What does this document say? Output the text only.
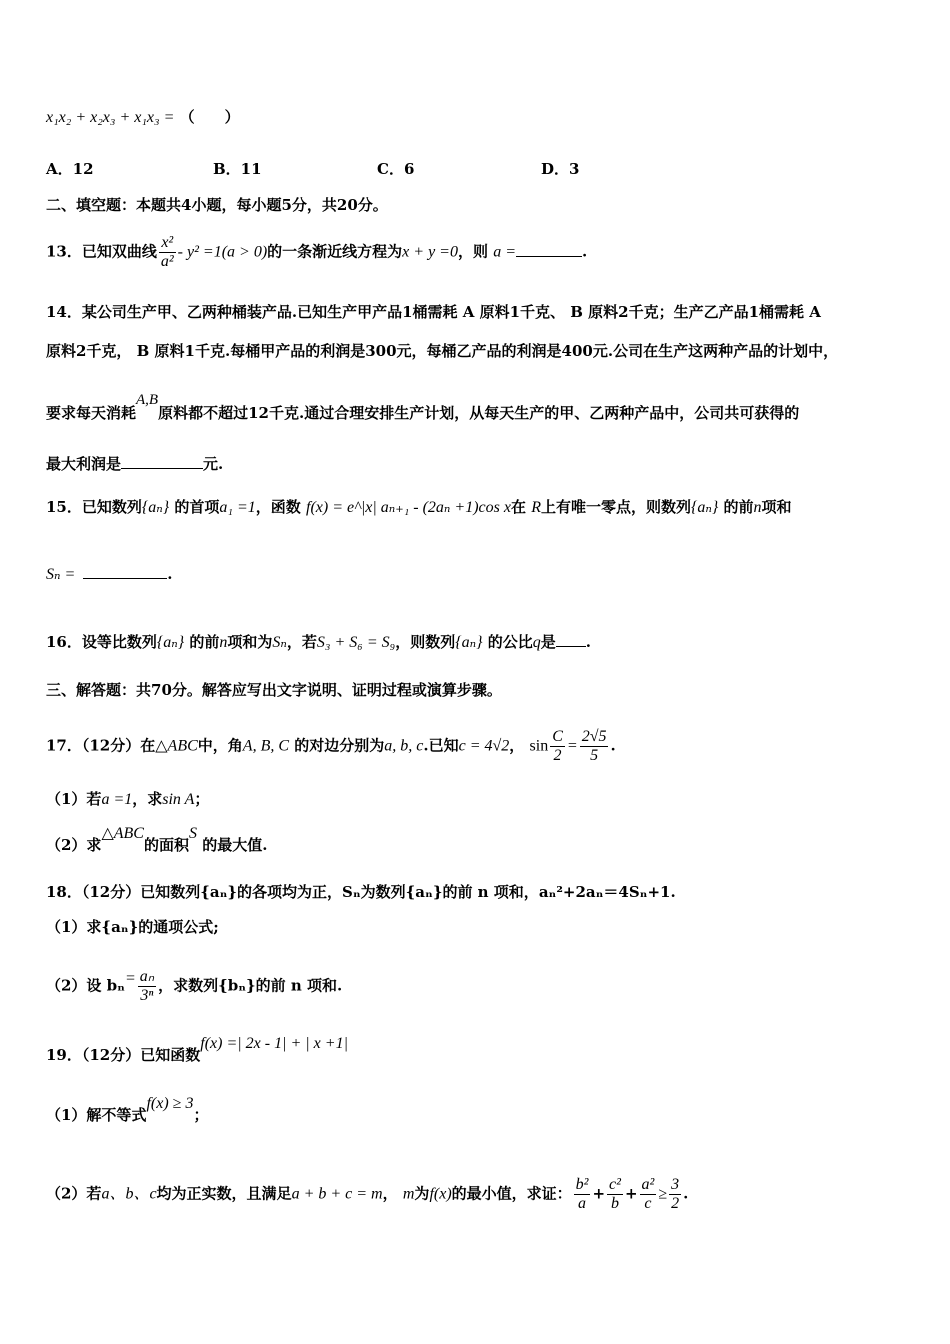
x₁x₂ + x₂x₃ + x₁x₃ = （　　）
A．12	B．11	C．6	D．3
二、填空题：本题共4小题，每小题5分，共20分。
13．已知双曲线 $\frac{\text{x²}}{\text{a²}} - y^2 =1(a > 0)$的一条渐近线方程为x + y =0，则 a =	.
14．某公司生产甲、乙两种桶装产品.已知生产甲产品1桶需耗 A 原料1千克、 B 原料2千克；生产乙产品1桶需耗 A
原料2千克， B 原料1千克.每桶甲产品的利润是300元，每桶乙产品的利润是400元.公司在生产这两种产品的计划中，
要求每天消耗A,B原料都不超过12千克.通过合理安排生产计划，从每天生产的甲、乙两种产品中，公司共可获得的
最大利润是	元.
15．已知数列{aₙ} 的首项a₁ =1，函数 f(x) = e^|x| aₙ₊₁ - (2aₙ +1)cos x在 R上有唯一零点，则数列{aₙ} 的前n项和
Sₙ =	.
16．设等比数列{aₙ} 的前n项和为Sₙ，若S₃ + S₆ = S₉，则数列{aₙ} 的公比q是 .
三、解答题：共70分。解答应写出文字说明、证明过程或演算步骤。
17．（12分）在△ABC中，角A, B, C 的对边分别为a, b, c.已知c = 4√2， $\sin \frac{C}{2} = \frac{2√5}{5}$ .
（1）若a =1，求sin A；
（2）求△ABC的面积S 的最大值.
18．（12分）已知数列{aₙ}的各项均为正，Sₙ为数列{aₙ}的前 n 项和，aₙ²+2aₙ＝4Sₙ+1.
（1）求{aₙ}的通项公式;
（2）设 $b_n= \frac{\text{aₙ}}{\text{3ⁿ}}$ ，求数列{bₙ}的前 n 项和.
19．（12分）已知函数f(x) =| 2x - 1| + | x +1|
（1）解不等式f(x) ≥ 3；
（2）若a、b、c均为正实数，且满足a + b + c = m， m为f(x)的最小值，求证： $\frac{\text{b²}}{a} + \frac{\text{c²}}{b} + \frac{\text{a²}}{c} \ge \frac{3}{2}$ .
